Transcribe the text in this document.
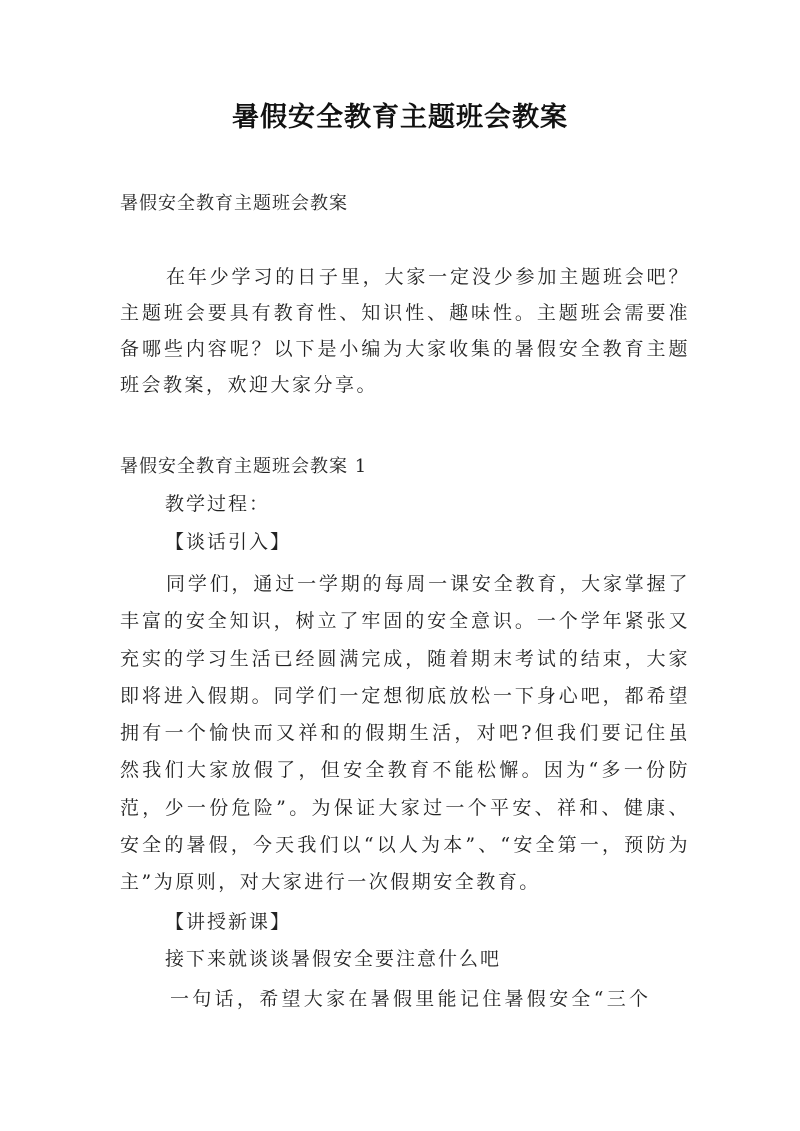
暑假安全教育主题班会教案

暑假安全教育主题班会教案

在年少学习的日子里，大家一定没少参加主题班会吧？主题班会要具有教育性、知识性、趣味性。主题班会需要准备哪些内容呢？以下是小编为大家收集的暑假安全教育主题班会教案，欢迎大家分享。

暑假安全教育主题班会教案 1

教学过程：

【谈话引入】

同学们，通过一学期的每周一课安全教育，大家掌握了丰富的安全知识，树立了牢固的安全意识。一个学年紧张又充实的学习生活已经圆满完成，随着期末考试的结束，大家即将进入假期。同学们一定想彻底放松一下身心吧，都希望拥有一个愉快而又祥和的假期生活，对吧?但我们要记住虽然我们大家放假了，但安全教育不能松懈。因为“多一份防范，少一份危险”。为保证大家过一个平安、祥和、健康、安全的暑假，今天我们以“以人为本”、“安全第一，预防为主”为原则，对大家进行一次假期安全教育。

【讲授新课】

接下来就谈谈暑假安全要注意什么吧

一句话，希望大家在暑假里能记住暑假安全“三个
